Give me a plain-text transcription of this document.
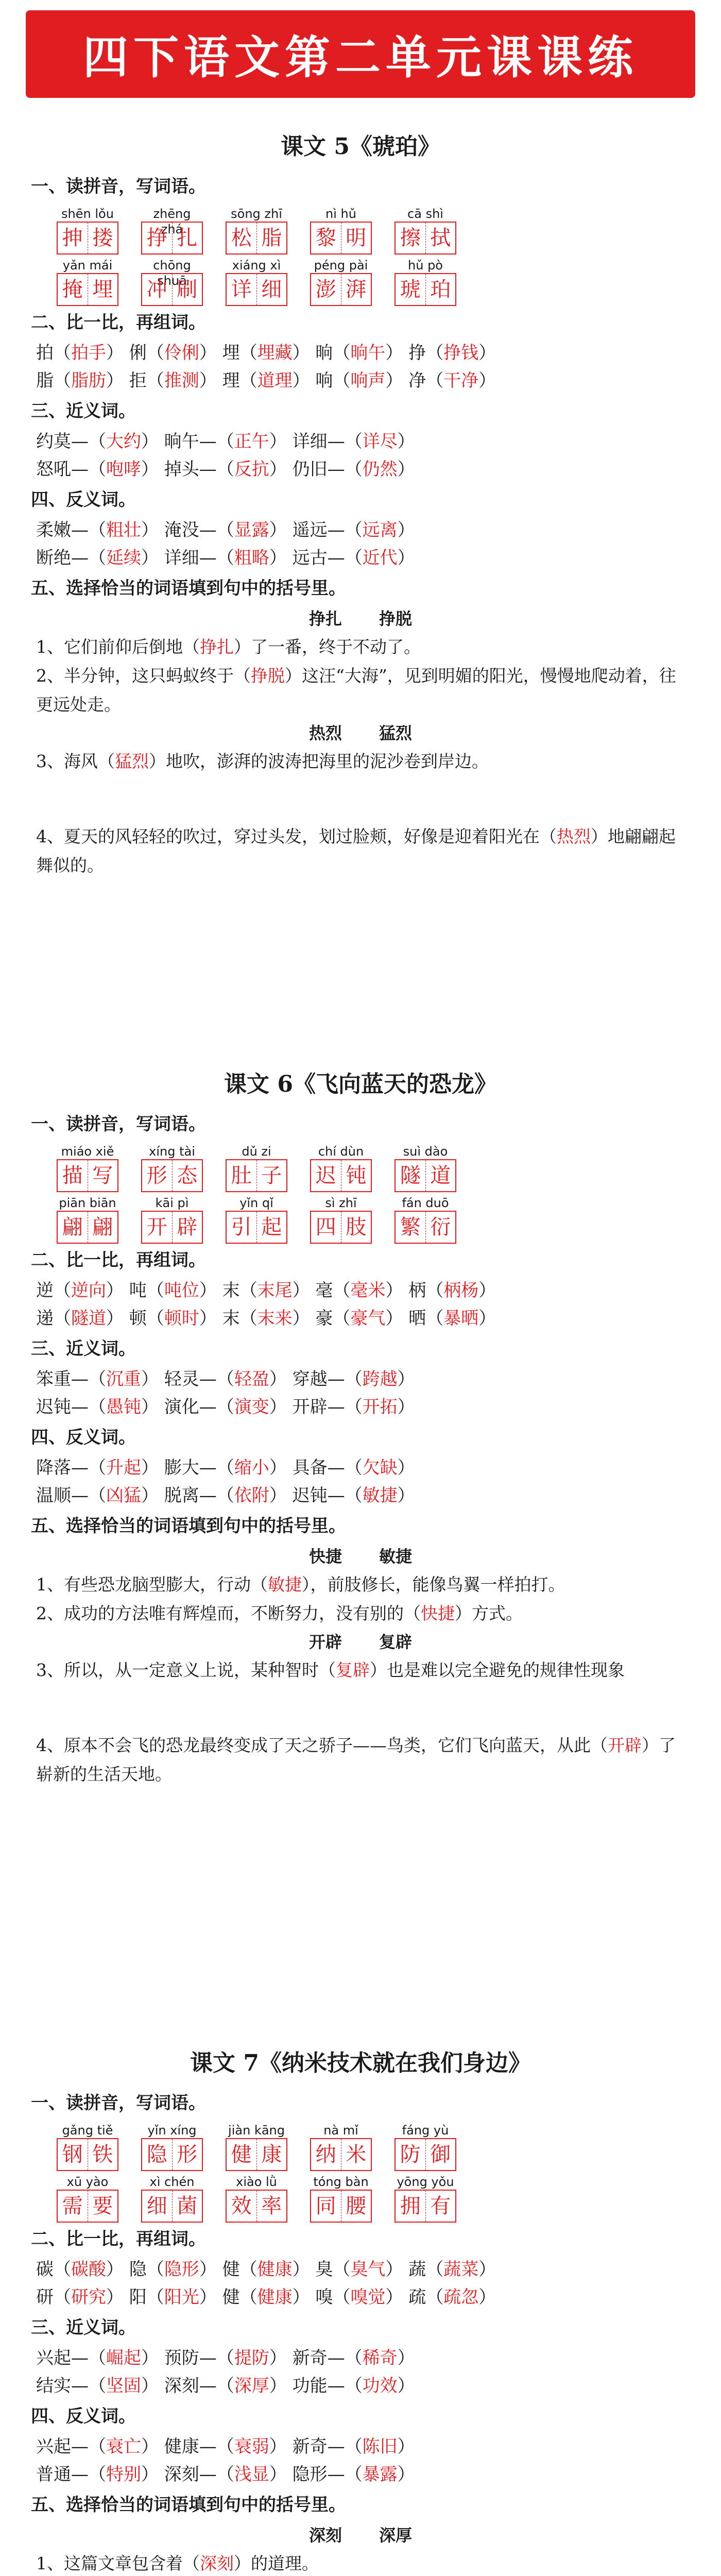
四下语文第二单元课课练
课文 5《琥珀》
一、读拼音，写词语。
shēn lǒu
抻 搂
zhēng zhá
挣 扎
sōng zhī
松 脂
nì hǔ
黎 明
cā shì
擦 拭
yǎn mái
掩 埋
chōng shuā
冲 刷
xiáng xì
详 细
péng pài
澎 湃
hǔ pò
琥 珀
二、比一比，再组词。
拍（拍手） 俐（伶俐） 埋（埋藏） 晌（晌午） 挣（挣钱）
脂（脂肪） 拒（推测） 理（道理） 响（响声） 净（干净）
三、近义词。
约莫—（大约） 晌午—（正午） 详细—（详尽）
怒吼—（咆哮） 掉头—（反抗） 仍旧—（仍然）
四、反义词。
柔嫩—（粗壮） 淹没—（显露） 遥远—（远离）
断绝—（延续） 详细—（粗略） 远古—（近代）
五、选择恰当的词语填到句中的括号里。
挣扎 挣脱
1、它们前仰后倒地（挣扎）了一番，终于不动了。
2、半分钟，这只蚂蚁终于（挣脱）这汪“大海”，见到明媚的阳光，慢慢地爬动着，往更远处走。
热烈 猛烈
3、海风（猛烈）地吹，澎湃的波涛把海里的泥沙卷到岸边。
4、夏天的风轻轻的吹过，穿过头发，划过脸颊，好像是迎着阳光在（热烈）地翩翩起舞似的。
课文 6《飞向蓝天的恐龙》
一、读拼音，写词语。
miáo xiě
描 写
xíng tài
形 态
dǔ zi
肚 子
chí dùn
迟 钝
suì dào
隧 道
piān biān
翩 翩
kāi pì
开 辟
yǐn qǐ
引 起
sì zhī
四 肢
fán duō
繁 衍
二、比一比，再组词。
逆（逆向） 吨（吨位） 末（末尾） 毫（毫米） 柄（柄杨）
递（隧道） 顿（顿时） 末（末来） 豪（豪气） 晒（暴晒）
三、近义词。
笨重—（沉重） 轻灵—（轻盈） 穿越—（跨越）
迟钝—（愚钝） 演化—（演变） 开辟—（开拓）
四、反义词。
降落—（升起） 膨大—（缩小） 具备—（欠缺）
温顺—（凶猛） 脱离—（依附） 迟钝—（敏捷）
五、选择恰当的词语填到句中的括号里。
快捷 敏捷
1、有些恐龙脑型膨大，行动（敏捷），前肢修长，能像鸟翼一样拍打。
2、成功的方法唯有辉煌而，不断努力，没有别的（快捷）方式。
开辟 复辟
3、所以，从一定意义上说，某种智时（复辟）也是难以完全避免的规律性现象
4、原本不会飞的恐龙最终变成了天之骄子——鸟类，它们飞向蓝天，从此（开辟）了崭新的生活天地。
课文 7《纳米技术就在我们身边》
一、读拼音，写词语。
gǎng tiě
钢 铁
yǐn xíng
隐 形
jiàn kāng
健 康
nà mǐ
纳 米
fáng yù
防 御
xū yào
需 要
xì chén
细 菌
xiào lǜ
效 率
tóng bàn
同 腰
yōng yǒu
拥 有
二、比一比，再组词。
碳（碳酸） 隐（隐形） 健（健康） 臭（臭气） 蔬（蔬菜）
研（研究） 阳（阳光） 健（健康） 嗅（嗅觉） 疏（疏忽）
三、近义词。
兴起—（崛起） 预防—（提防） 新奇—（稀奇）
结实—（坚固） 深刻—（深厚） 功能—（功效）
四、反义词。
兴起—（衰亡） 健康—（衰弱） 新奇—（陈旧）
普通—（特别） 深刻—（浅显） 隐形—（暴露）
五、选择恰当的词语填到句中的括号里。
深刻 深厚
1、这篇文章包含着（深刻）的道理。
